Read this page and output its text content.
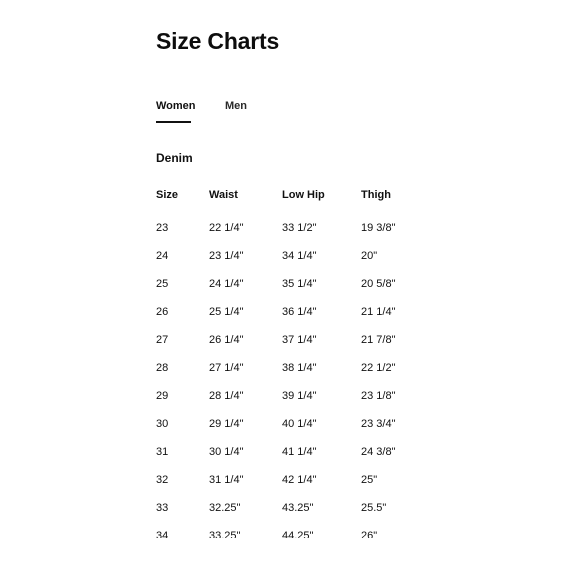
Size Charts
Women	Men
Denim
Size	Waist	Low Hip	Thigh
23	22 1/4"	33 1/2"	19 3/8"
24	23 1/4"	34 1/4"	20"
25	24 1/4"	35 1/4"	20 5/8"
26	25 1/4"	36 1/4"	21 1/4"
27	26 1/4"	37 1/4"	21 7/8"
28	27 1/4"	38 1/4"	22 1/2"
29	28 1/4"	39 1/4"	23 1/8"
30	29 1/4"	40 1/4"	23 3/4"
31	30 1/4"	41 1/4"	24 3/8"
32	31 1/4"	42 1/4"	25"
33	32.25"	43.25"	25.5"
34	33.25"	44.25"	26"
